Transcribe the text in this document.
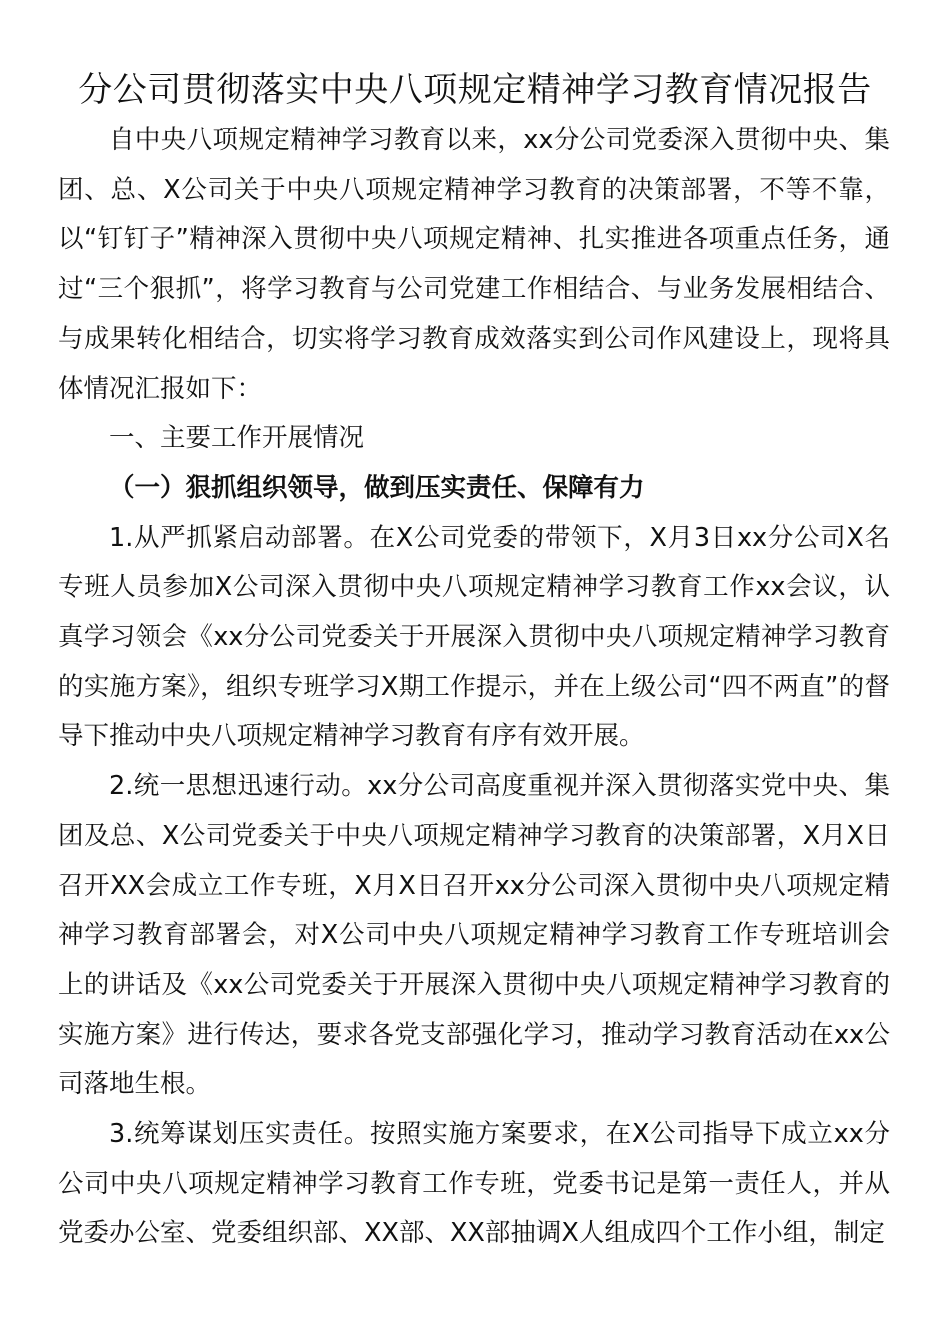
分公司贯彻落实中央八项规定精神学习教育情况报告

自中央八项规定精神学习教育以来，xx分公司党委深入贯彻中央、集团、总、X公司关于中央八项规定精神学习教育的决策部署，不等不靠，以“钉钉子”精神深入贯彻中央八项规定精神、扎实推进各项重点任务，通过“三个狠抓”，将学习教育与公司党建工作相结合、与业务发展相结合、与成果转化相结合，切实将学习教育成效落实到公司作风建设上，现将具体情况汇报如下：

一、主要工作开展情况

（一）狠抓组织领导，做到压实责任、保障有力

1.从严抓紧启动部署。在X公司党委的带领下，X月3日xx分公司X名专班人员参加X公司深入贯彻中央八项规定精神学习教育工作xx会议，认真学习领会《xx分公司党委关于开展深入贯彻中央八项规定精神学习教育的实施方案》，组织专班学习X期工作提示，并在上级公司“四不两直”的督导下推动中央八项规定精神学习教育有序有效开展。

2.统一思想迅速行动。xx分公司高度重视并深入贯彻落实党中央、集团及总、X公司党委关于中央八项规定精神学习教育的决策部署，X月X日召开XX会成立工作专班，X月X日召开xx分公司深入贯彻中央八项规定精神学习教育部署会，对X公司中央八项规定精神学习教育工作专班培训会上的讲话及《xx公司党委关于开展深入贯彻中央八项规定精神学习教育的实施方案》进行传达，要求各党支部强化学习，推动学习教育活动在xx公司落地生根。

3.统筹谋划压实责任。按照实施方案要求，在X公司指导下成立xx分公司中央八项规定精神学习教育工作专班，党委书记是第一责任人，并从党委办公室、党委组织部、XX部、XX部抽调X人组成四个工作小组，制定
